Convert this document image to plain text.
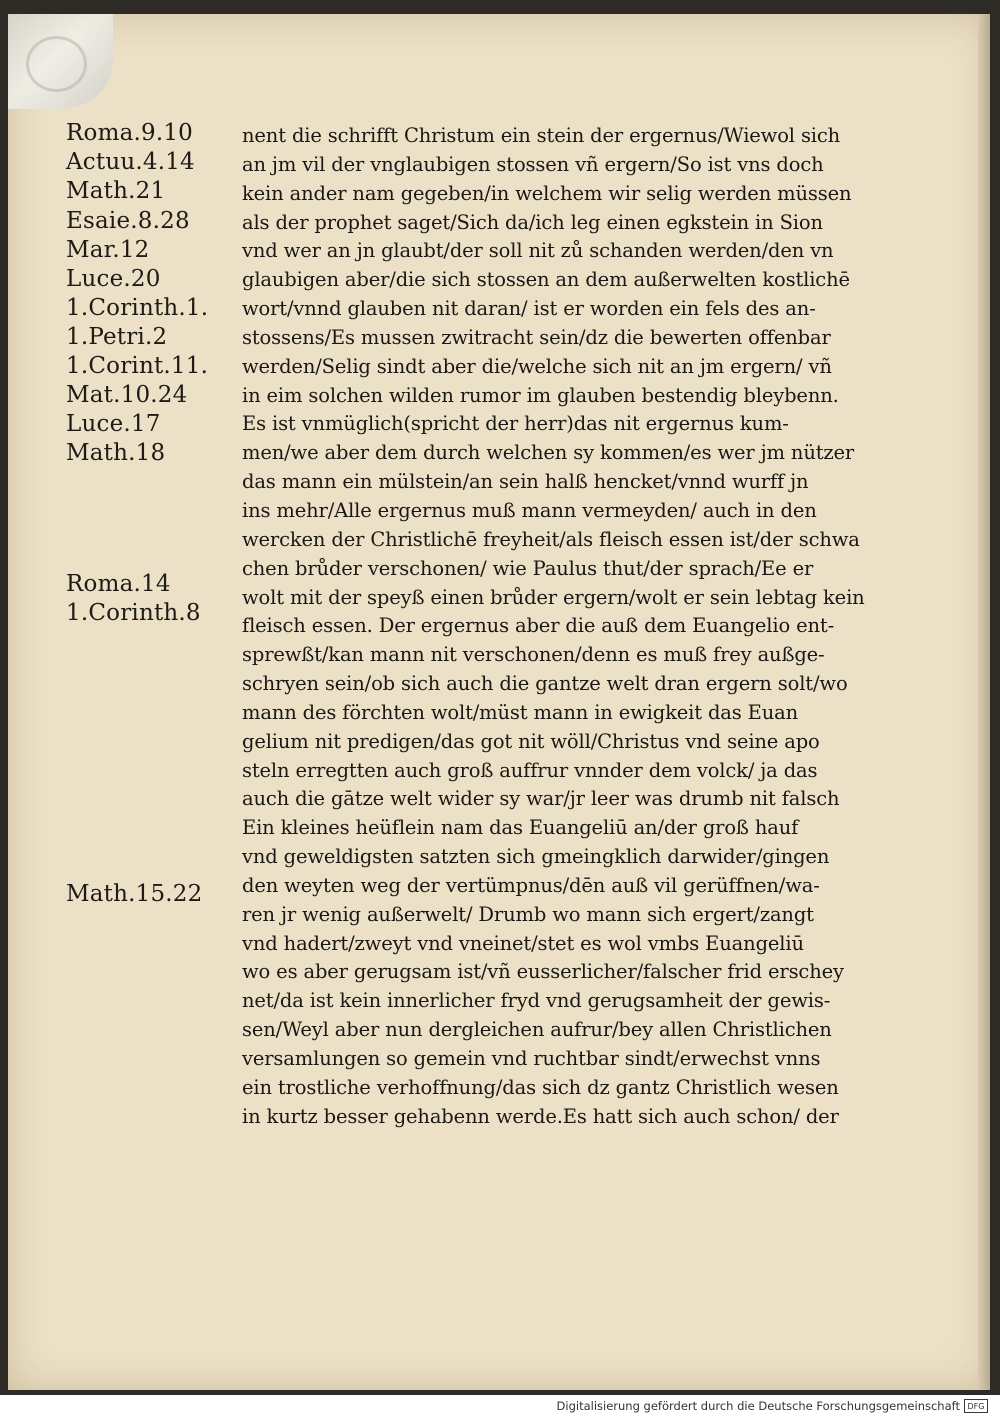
Roma.9.10
Actuu.4.14
Math.21
Esaie.8.28
Mar.12
Luce.20
1.Corinth.1.
1.Petri.2
1.Corint.11.
Mat.10.24
Luce.17
Math.18
Roma.14
1.Corinth.8
Math.15.22
nent die schrifft Christum ein stein der ergernus/Wiewol sich
an jm vil der vnglaubigen stossen vñ ergern/So ist vns doch
kein ander nam gegeben/in welchem wir selig werden müssen
als der prophet saget/Sich da/ich leg einen egkstein in Sion
vnd wer an jn glaubt/der soll nit zů schanden werden/den vn
glaubigen aber/die sich stossen an dem außerwelten kostlichē
wort/vnnd glauben nit daran/ ist er worden ein fels des an-
stossens/Es mussen zwitracht sein/dz die bewerten offenbar
werden/Selig sindt aber die/welche sich nit an jm ergern/ vñ
in eim solchen wilden rumor im glauben bestendig bleybenn.
Es ist vnmüglich(spricht der herr)das nit ergernus kum-
men/we aber dem durch welchen sy kommen/es wer jm nützer
das mann ein mülstein/an sein halß hencket/vnnd wurff jn
ins mehr/Alle ergernus muß mann vermeyden/ auch in den
wercken der Christlichē freyheit/als fleisch essen ist/der schwa
chen brůder verschonen/ wie Paulus thut/der sprach/Ee er
wolt mit der speyß einen brůder ergern/wolt er sein lebtag kein
fleisch essen. Der ergernus aber die auß dem Euangelio ent-
sprewßt/kan mann nit verschonen/denn es muß frey außge-
schryen sein/ob sich auch die gantze welt dran ergern solt/wo
mann des förchten wolt/müst mann in ewigkeit das Euan
gelium nit predigen/das got nit wöll/Christus vnd seine apo
steln erregtten auch groß auffrur vnnder dem volck/ ja das
auch die gātze welt wider sy war/jr leer was drumb nit falsch
Ein kleines heüflein nam das Euangeliū an/der groß hauf
vnd geweldigsten satzten sich gmeingklich darwider/gingen
den weyten weg der vertümpnus/dēn auß vil gerüffnen/wa-
ren jr wenig außerwelt/ Drumb wo mann sich ergert/zangt
vnd hadert/zweyt vnd vneinet/stet es wol vmbs Euangeliū
wo es aber gerugsam ist/vñ eusserlicher/falscher frid erschey
net/da ist kein innerlicher fryd vnd gerugsamheit der gewis-
sen/Weyl aber nun dergleichen aufrur/bey allen Christlichen
versamlungen so gemein vnd ruchtbar sindt/erwechst vnns
ein trostliche verhoffnung/das sich dz gantz Christlich wesen
in kurtz besser gehabenn werde.Es hatt sich auch schon/ der
Digitalisierung gefördert durch die Deutsche Forschungsgemeinschaft DFG
